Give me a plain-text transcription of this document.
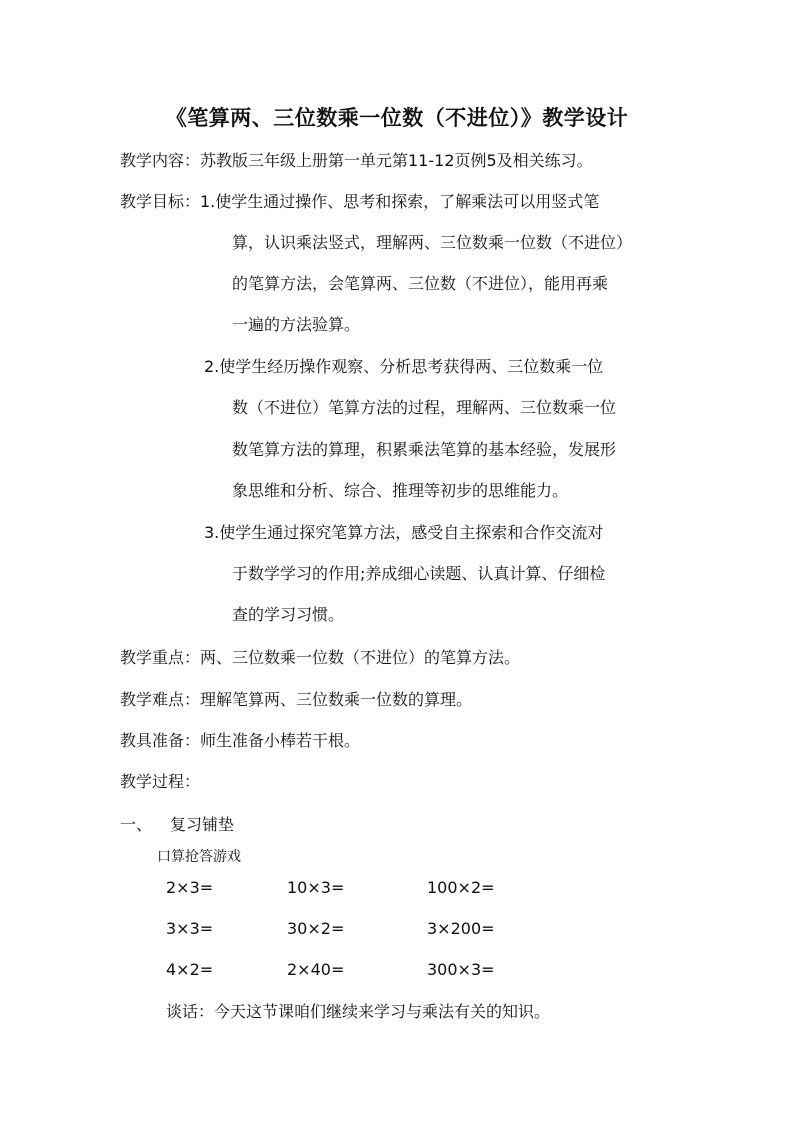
《笔算两、三位数乘一位数（不进位）》教学设计
教学内容：苏教版三年级上册第一单元第11-12页例5及相关练习。
教学目标：1.使学生通过操作、思考和探索，了解乘法可以用竖式笔
算，认识乘法竖式，理解两、三位数乘一位数（不进位）
的笔算方法，会笔算两、三位数（不进位），能用再乘
一遍的方法验算。
2.使学生经历操作观察、分析思考获得两、三位数乘一位
数（不进位）笔算方法的过程，理解两、三位数乘一位
数笔算方法的算理，积累乘法笔算的基本经验，发展形
象思维和分析、综合、推理等初步的思维能力。
3.使学生通过探究笔算方法，感受自主探索和合作交流对
于数学学习的作用;养成细心读题、认真计算、仔细检
查的学习习惯。
教学重点：两、三位数乘一位数（不进位）的笔算方法。
教学难点：理解笔算两、三位数乘一位数的算理。
教具准备：师生准备小棒若干根。
教学过程：
一、 复习铺垫
口算抢答游戏
2×3=	10×3=	100×2=
3×3=	30×2=	3×200=
4×2=	2×40=	300×3=
谈话：今天这节课咱们继续来学习与乘法有关的知识。
